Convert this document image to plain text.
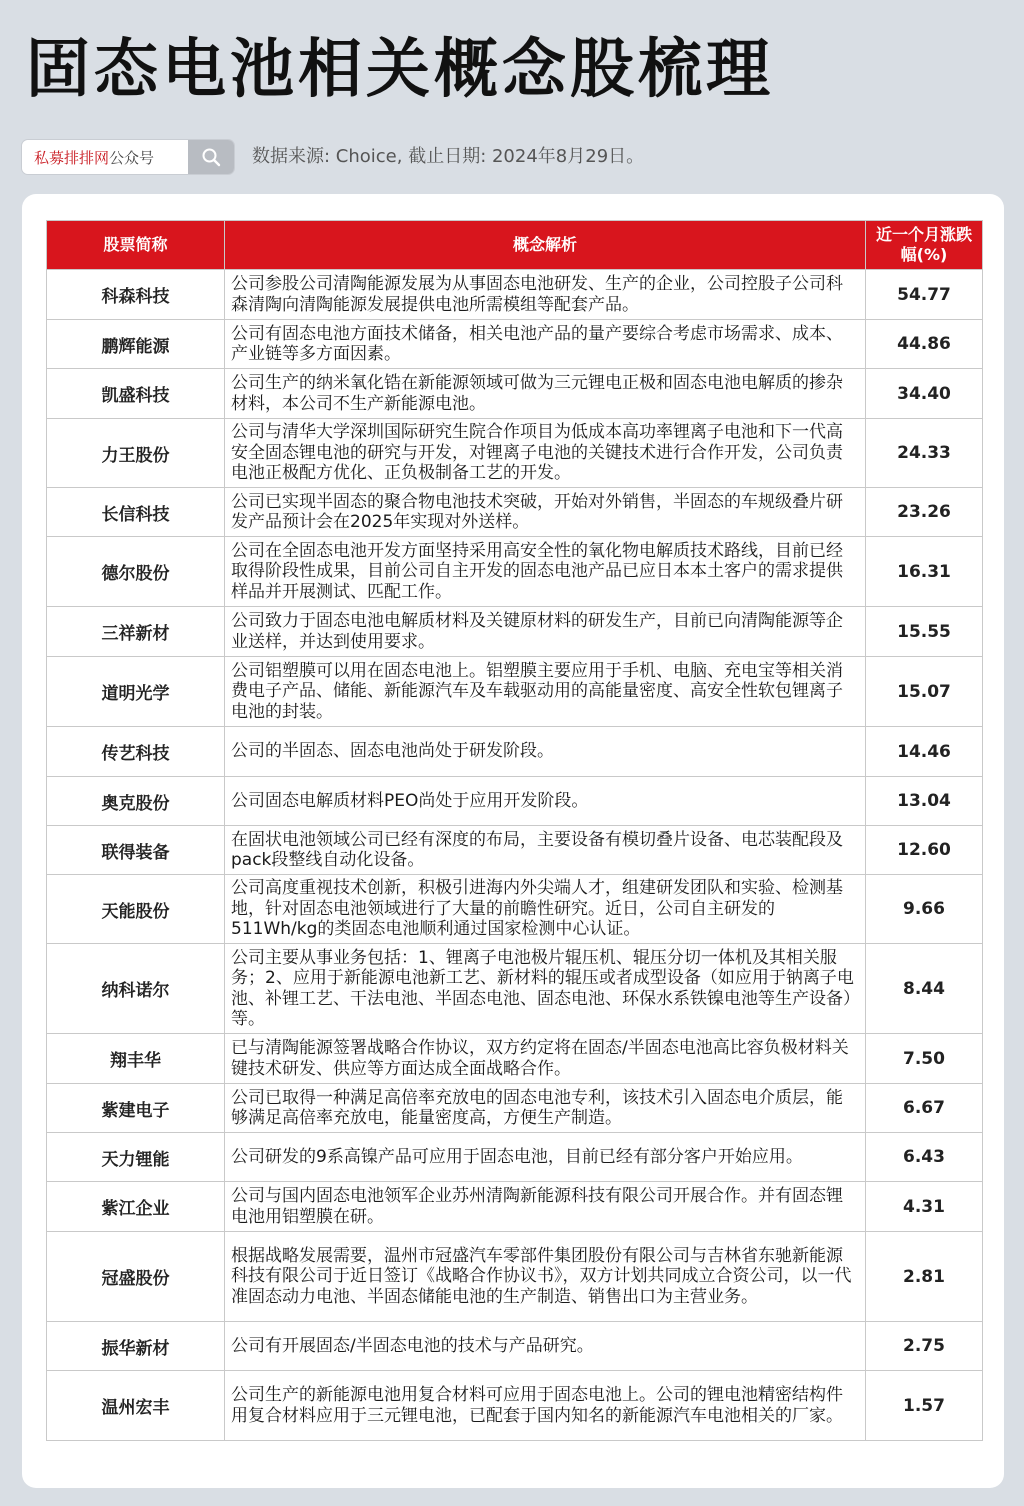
固态电池相关概念股梳理
私募排排网 公众号	数据来源: Choice, 截止日期: 2024年8月29日。
股票简称	概念解析	近一个月涨跌幅(%)
科森科技	公司参股公司清陶能源发展为从事固态电池研发、生产的企业，公司控股子公司科森清陶向清陶能源发展提供电池所需模组等配套产品。	54.77
鹏辉能源	公司有固态电池方面技术储备，相关电池产品的量产要综合考虑市场需求、成本、产业链等多方面因素。	44.86
凯盛科技	公司生产的纳米氧化锆在新能源领域可做为三元锂电正极和固态电池电解质的掺杂材料，本公司不生产新能源电池。	34.40
力王股份	公司与清华大学深圳国际研究生院合作项目为低成本高功率锂离子电池和下一代高安全固态锂电池的研究与开发，对锂离子电池的关键技术进行合作开发，公司负责电池正极配方优化、正负极制备工艺的开发。	24.33
长信科技	公司已实现半固态的聚合物电池技术突破，开始对外销售，半固态的车规级叠片研发产品预计会在2025年实现对外送样。	23.26
德尔股份	公司在全固态电池开发方面坚持采用高安全性的氧化物电解质技术路线，目前已经取得阶段性成果，目前公司自主开发的固态电池产品已应日本本土客户的需求提供样品并开展测试、匹配工作。	16.31
三祥新材	公司致力于固态电池电解质材料及关键原材料的研发生产，目前已向清陶能源等企业送样，并达到使用要求。	15.55
道明光学	公司铝塑膜可以用在固态电池上。铝塑膜主要应用于手机、电脑、充电宝等相关消费电子产品、储能、新能源汽车及车载驱动用的高能量密度、高安全性软包锂离子电池的封装。	15.07
传艺科技	公司的半固态、固态电池尚处于研发阶段。	14.46
奥克股份	公司固态电解质材料PEO尚处于应用开发阶段。	13.04
联得装备	在固状电池领域公司已经有深度的布局，主要设备有模切叠片设备、电芯装配段及pack段整线自动化设备。	12.60
天能股份	公司高度重视技术创新，积极引进海内外尖端人才，组建研发团队和实验、检测基地，针对固态电池领域进行了大量的前瞻性研究。近日，公司自主研发的511Wh/kg的类固态电池顺利通过国家检测中心认证。	9.66
纳科诺尔	公司主要从事业务包括：1、锂离子电池极片辊压机、辊压分切一体机及其相关服务；2、应用于新能源电池新工艺、新材料的辊压或者成型设备（如应用于钠离子电池、补锂工艺、干法电池、半固态电池、固态电池、环保水系铁镍电池等生产设备）等。	8.44
翔丰华	已与清陶能源签署战略合作协议，双方约定将在固态/半固态电池高比容负极材料关键技术研发、供应等方面达成全面战略合作。	7.50
紫建电子	公司已取得一种满足高倍率充放电的固态电池专利，该技术引入固态电介质层，能够满足高倍率充放电，能量密度高，方便生产制造。	6.67
天力锂能	公司研发的9系高镍产品可应用于固态电池，目前已经有部分客户开始应用。	6.43
紫江企业	公司与国内固态电池领军企业苏州清陶新能源科技有限公司开展合作。并有固态锂电池用铝塑膜在研。	4.31
冠盛股份	根据战略发展需要，温州市冠盛汽车零部件集团股份有限公司与吉林省东驰新能源科技有限公司于近日签订《战略合作协议书》，双方计划共同成立合资公司，以一代准固态动力电池、半固态储能电池的生产制造、销售出口为主营业务。	2.81
振华新材	公司有开展固态/半固态电池的技术与产品研究。	2.75
温州宏丰	公司生产的新能源电池用复合材料可应用于固态电池上。公司的锂电池精密结构件用复合材料应用于三元锂电池，已配套于国内知名的新能源汽车电池相关的厂家。	1.57
